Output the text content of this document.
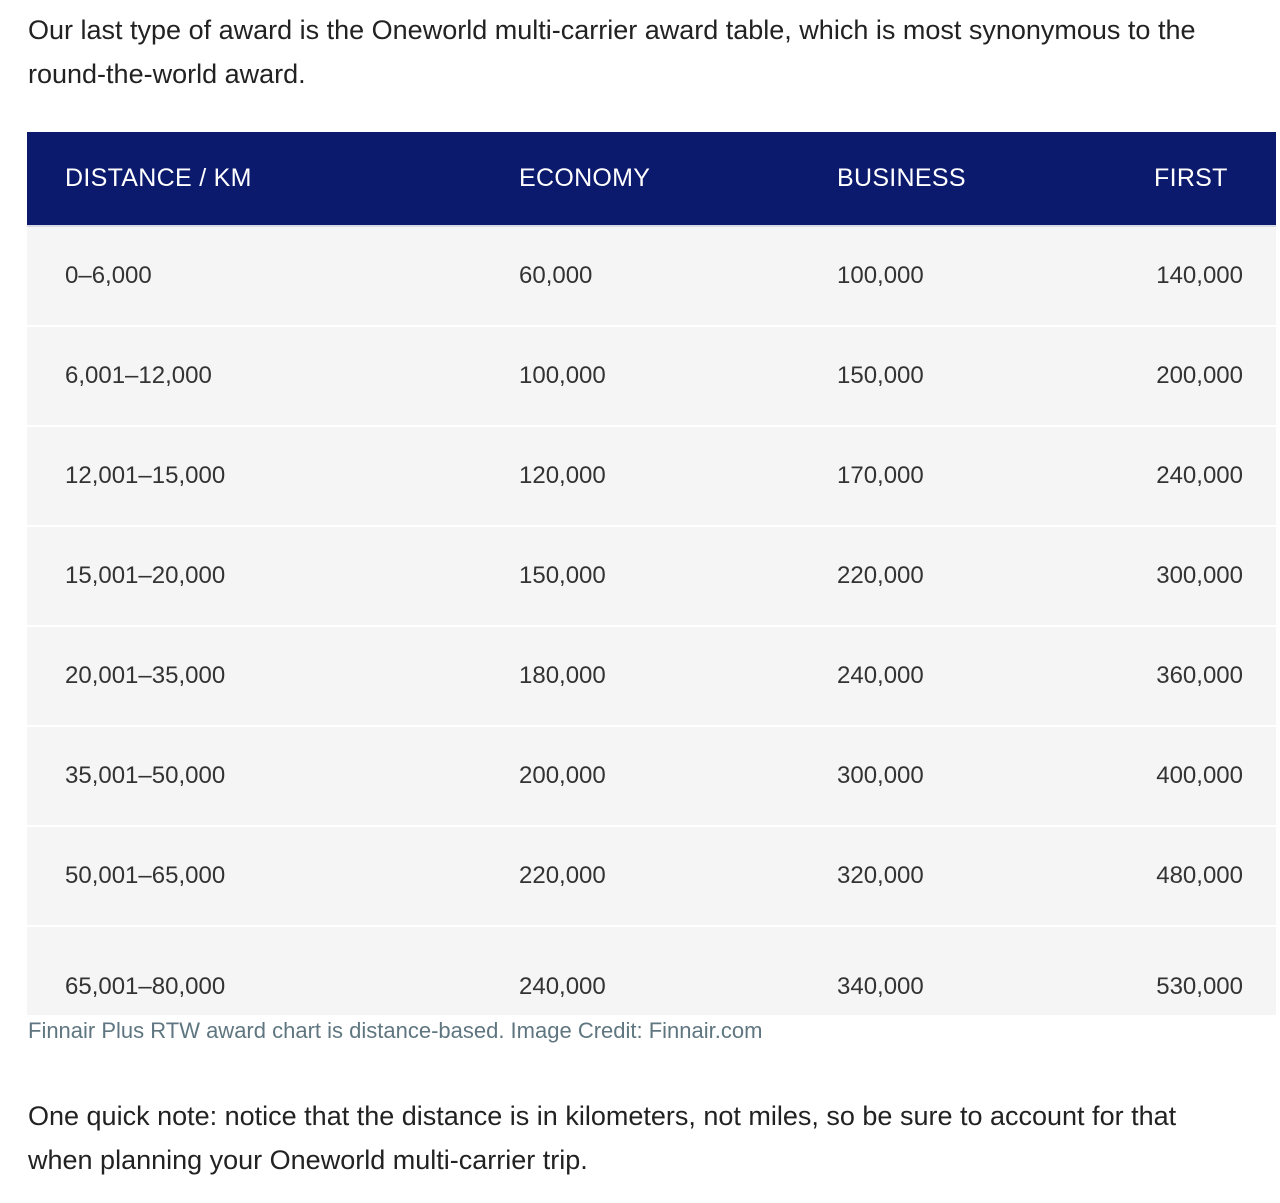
Our last type of award is the Oneworld multi-carrier award table, which is most synonymous to the round-the-world award.

DISTANCE / KM	ECONOMY	BUSINESS	FIRST
0–6,000	60,000	100,000	140,000
6,001–12,000	100,000	150,000	200,000
12,001–15,000	120,000	170,000	240,000
15,001–20,000	150,000	220,000	300,000
20,001–35,000	180,000	240,000	360,000
35,001–50,000	200,000	300,000	400,000
50,001–65,000	220,000	320,000	480,000
65,001–80,000	240,000	340,000	530,000

Finnair Plus RTW award chart is distance-based. Image Credit: Finnair.com

One quick note: notice that the distance is in kilometers, not miles, so be sure to account for that when planning your Oneworld multi-carrier trip.
